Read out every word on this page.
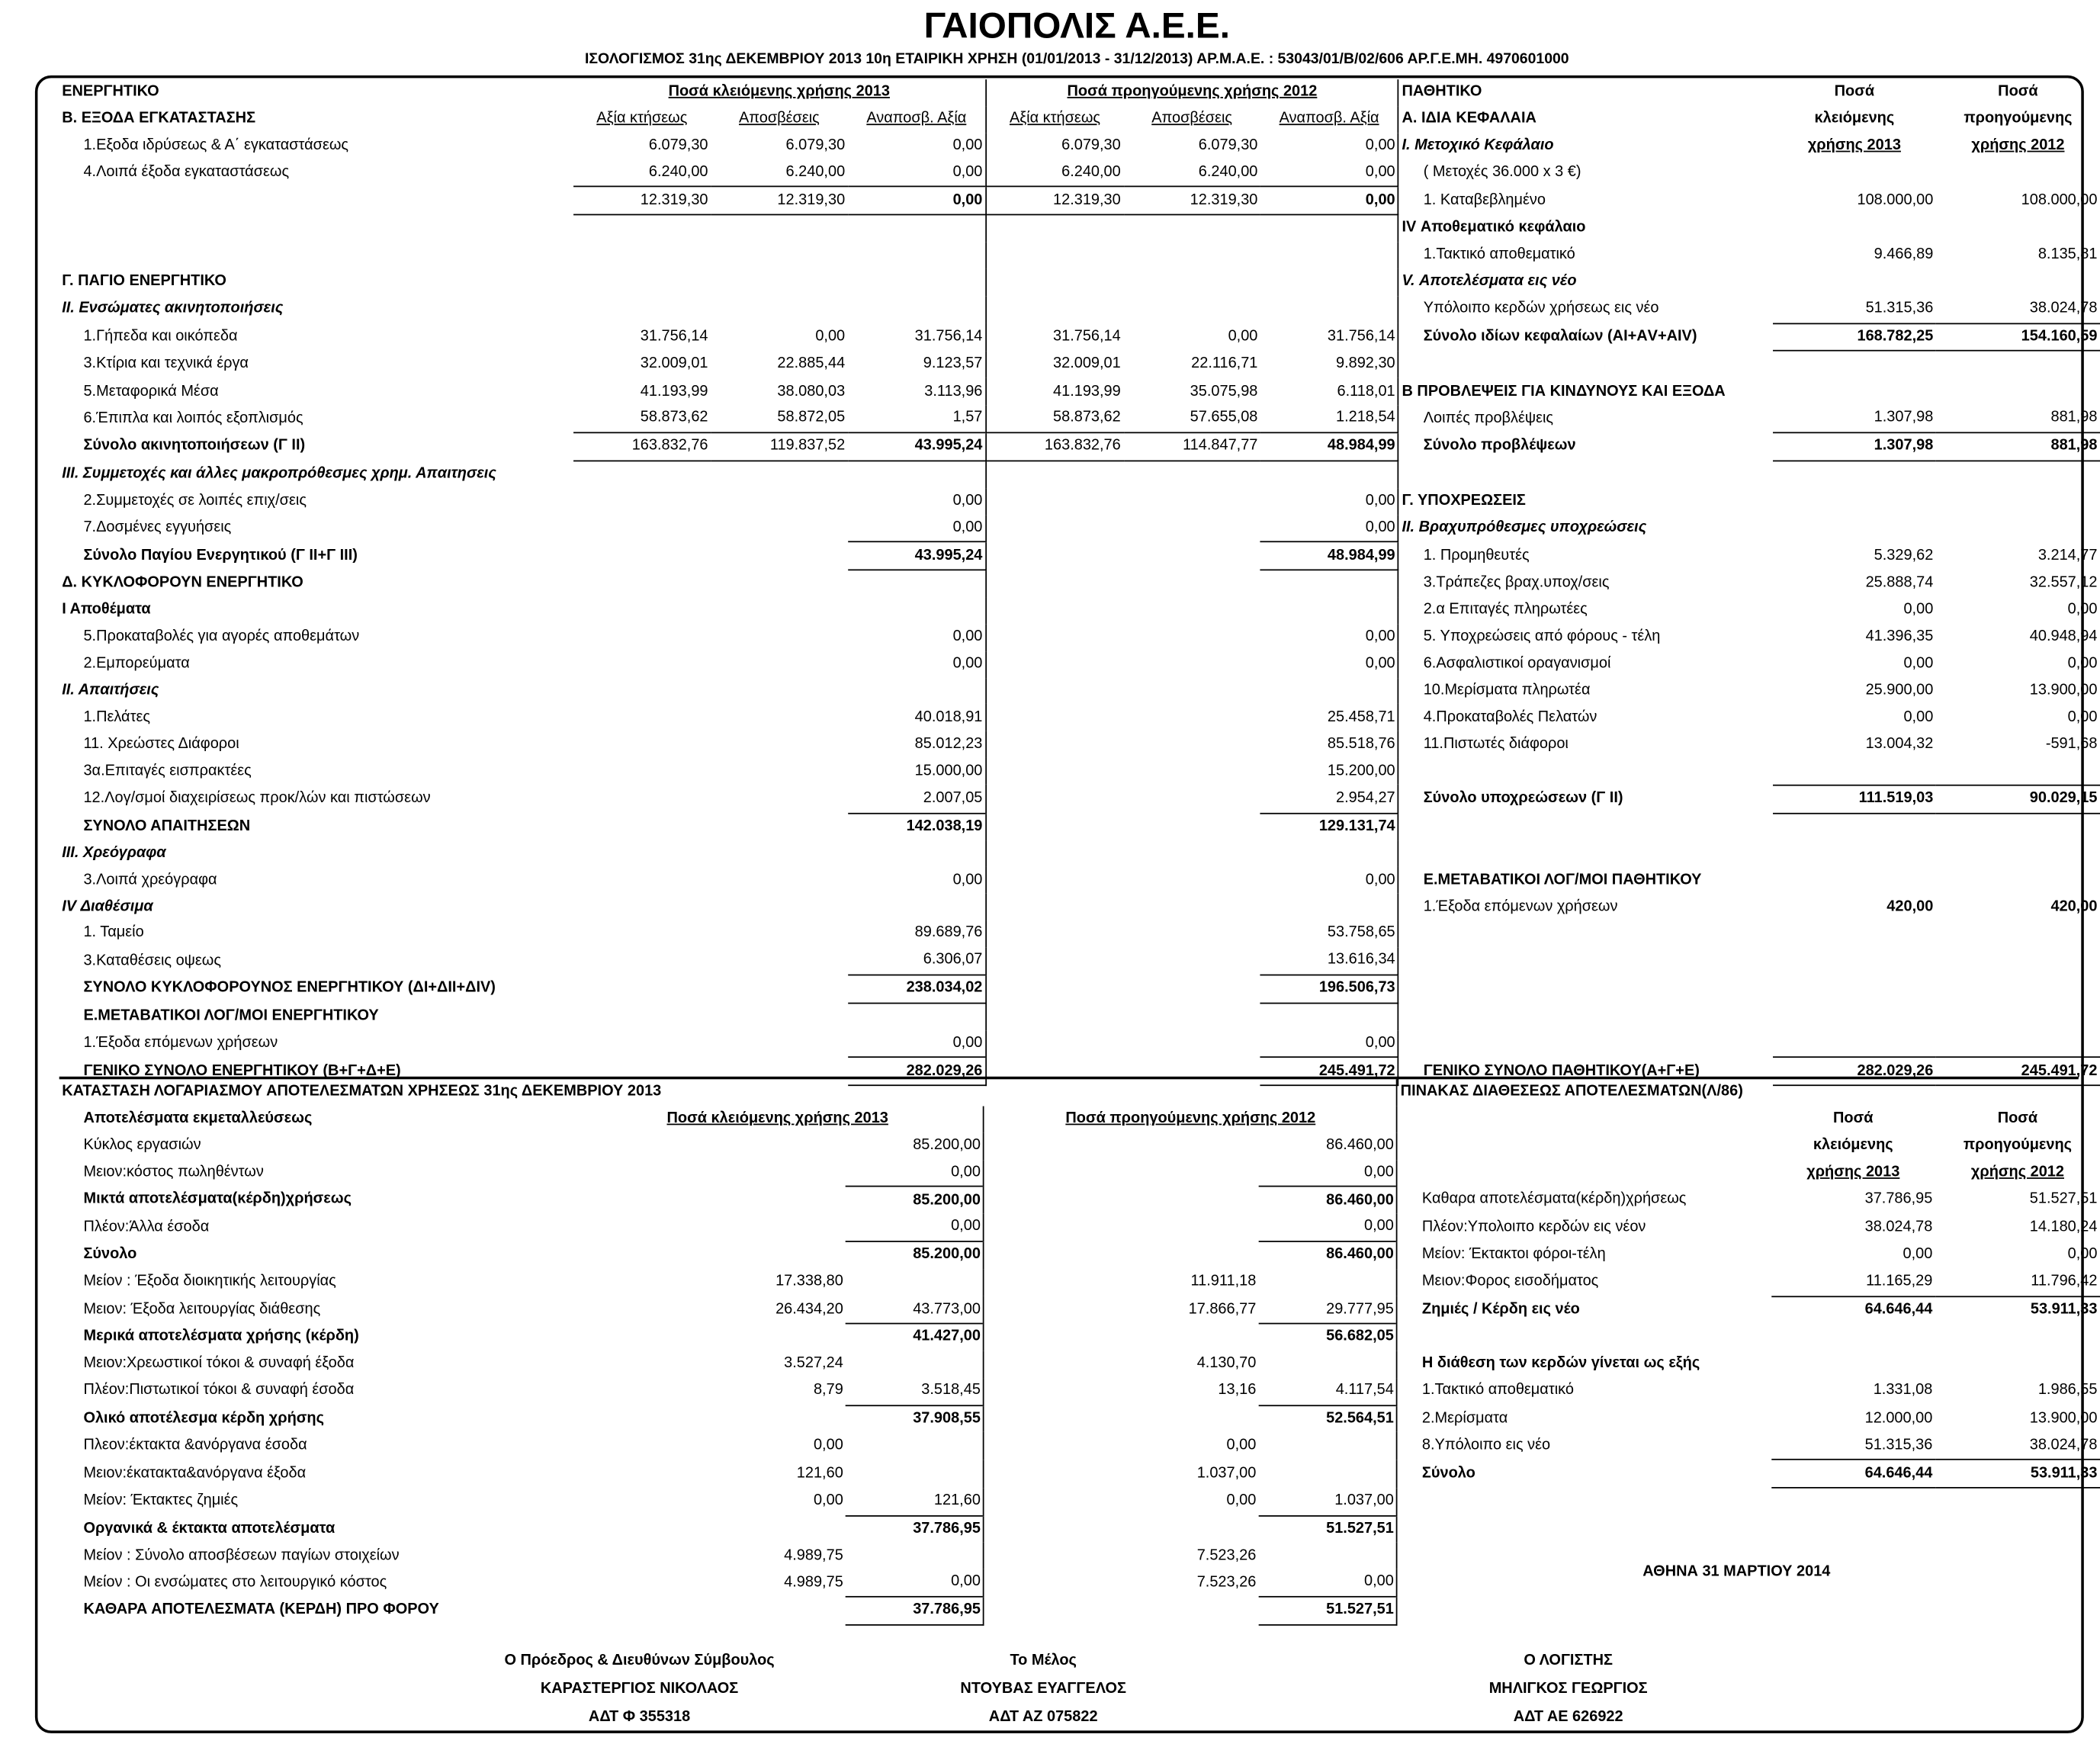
ΓΑΙΟΠΟΛΙΣ Α.Ε.Ε.
ΙΣΟΛΟΓΙΣΜΟΣ 31ης ΔΕΚΕΜΒΡΙΟΥ 2013 10η ΕΤΑΙΡΙΚΗ ΧΡΗΣΗ (01/01/2013 - 31/12/2013) ΑΡ.Μ.Α.Ε. : 53043/01/Β/02/606 ΑΡ.Γ.Ε.ΜΗ. 4970601000
ΕΝΕΡΓΗΤΙΚΟ	Ποσά κλειόμενης χρήσης 2013			Ποσά προηγούμενης χρήσης 2012			ΠΑΘΗΤΙΚΟ	Ποσά	Ποσά
Β. ΕΞΟΔΑ ΕΓΚΑΤΑΣΤΑΣΗΣ	Αξία κτήσεως	Αποσβέσεις	Αναποσβ. Αξία	Αξία κτήσεως	Αποσβέσεις	Αναποσβ. Αξία	Α. ΙΔΙΑ ΚΕΦΑΛΑΙΑ	κλειόμενης	προηγούμενης
1.Εξοδα ιδρύσεως & Α΄ εγκαταστάσεως	6.079,30	6.079,30	0,00	6.079,30	6.079,30	0,00	Ι. Μετοχικό Κεφάλαιο	χρήσης 2013	χρήσης 2012
4.Λοιπά έξοδα εγκαταστάσεως	6.240,00	6.240,00	0,00	6.240,00	6.240,00	0,00	( Μετοχές 36.000 x 3 €)		
	12.319,30	12.319,30	0,00	12.319,30	12.319,30	0,00	1. Καταβεβλημένο	108.000,00	108.000,00
							IV Αποθεματικό κεφάλαιο		
							1.Τακτικό αποθεματικό	9.466,89	8.135,81
Γ. ΠΑΓΙΟ ΕΝΕΡΓΗΤΙΚΟ							V. Αποτελέσματα εις νέο		
ΙΙ. Ενσώματες ακινητοποιήσεις							Υπόλοιπο κερδών χρήσεως εις νέο	51.315,36	38.024,78
1.Γήπεδα και οικόπεδα	31.756,14	0,00	31.756,14	31.756,14	0,00	31.756,14	Σύνολο ιδίων κεφαλαίων (ΑΙ+ΑV+ΑΙV)	168.782,25	154.160,59
3.Κτίρια και τεχνικά έργα	32.009,01	22.885,44	9.123,57	32.009,01	22.116,71	9.892,30			
5.Μεταφορικά Μέσα	41.193,99	38.080,03	3.113,96	41.193,99	35.075,98	6.118,01	Β ΠΡΟΒΛΕΨΕΙΣ ΓΙΑ ΚΙΝΔΥΝΟΥΣ ΚΑΙ ΕΞΟΔΑ		
6.Έπιπλα και λοιπός εξοπλισμός	58.873,62	58.872,05	1,57	58.873,62	57.655,08	1.218,54	Λοιπές προβλέψεις	1.307,98	881,98
Σύνολο ακινητοποιήσεων (Γ ΙΙ)	163.832,76	119.837,52	43.995,24	163.832,76	114.847,77	48.984,99	Σύνολο προβλέψεων	1.307,98	881,98
ΙΙΙ. Συμμετοχές και άλλες μακροπρόθεσμες χρημ. Απαιτησεις									
2.Συμμετοχές σε λοιπές επιχ/σεις			0,00			0,00	Γ. ΥΠΟΧΡΕΩΣΕΙΣ		
7.Δοσμένες εγγυήσεις			0,00			0,00	ΙΙ. Βραχυπρόθεσμες υποχρεώσεις		
Σύνολο Παγίου Ενεργητικού (Γ ΙΙ+Γ ΙΙΙ)			43.995,24			48.984,99	1. Προμηθευτές	5.329,62	3.214,77
Δ. ΚΥΚΛΟΦΟΡΟΥΝ ΕΝΕΡΓΗΤΙΚΟ							3.Τράπεζες βραχ.υποχ/σεις	25.888,74	32.557,12
Ι Αποθέματα							2.α Επιταγές πληρωτέες	0,00	0,00
5.Προκαταβολές για αγορές αποθεμάτων			0,00			0,00	5. Υποχρεώσεις από φόρους - τέλη	41.396,35	40.948,94
2.Εμπορεύματα			0,00			0,00	6.Ασφαλιστικοί οραγανισμοί	0,00	0,00
ΙΙ. Απαιτήσεις							10.Μερίσματα πληρωτέα	25.900,00	13.900,00
1.Πελάτες			40.018,91			25.458,71	4.Προκαταβολές Πελατών	0,00	0,00
11. Χρεώστες Διάφοροι			85.012,23			85.518,76	11.Πιστωτές διάφοροι	13.004,32	-591,68
3α.Επιταγές εισπρακτέες			15.000,00			15.200,00			
12.Λογ/σμοί διαχειρίσεως προκ/λών και πιστώσεων			2.007,05			2.954,27	Σύνολο υποχρεώσεων (Γ ΙΙ)	111.519,03	90.029,15
ΣΥΝΟΛΟ ΑΠΑΙΤΗΣΕΩΝ			142.038,19			129.131,74			
ΙΙΙ. Χρεόγραφα									
3.Λοιπά χρεόγραφα			0,00			0,00	Ε.ΜΕΤΑΒΑΤΙΚΟΙ ΛΟΓ/ΜΟΙ ΠΑΘΗΤΙΚΟΥ		
ΙV Διαθέσιμα							1.Έξοδα επόμενων χρήσεων	420,00	420,00
1. Ταμείο			89.689,76			53.758,65			
3.Καταθέσεις οψεως			6.306,07			13.616,34			
ΣΥΝΟΛΟ ΚΥΚΛΟΦΟΡΟΥΝΟΣ ΕΝΕΡΓΗΤΙΚΟΥ (ΔΙ+ΔΙΙ+ΔΙV)			238.034,02			196.506,73			
Ε.ΜΕΤΑΒΑΤΙΚΟΙ ΛΟΓ/ΜΟΙ ΕΝΕΡΓΗΤΙΚΟΥ									
1.Έξοδα επόμενων χρήσεων			0,00			0,00			
ΓΕΝΙΚΟ ΣΥΝΟΛΟ ΕΝΕΡΓΗΤΙΚΟΥ (Β+Γ+Δ+Ε)			282.029,26			245.491,72	ΓΕΝΙΚΟ ΣΥΝΟΛΟ ΠΑΘΗΤΙΚΟΥ(Α+Γ+Ε)	282.029,26	245.491,72
ΚΑΤΑΣΤΑΣΗ ΛΟΓΑΡΙΑΣΜΟΥ ΑΠΟΤΕΛΕΣΜΑΤΩΝ ΧΡΗΣΕΩΣ 31ης ΔΕΚΕΜΒΡΙΟΥ 2013							ΠΙΝΑΚΑΣ ΔΙΑΘΕΣΕΩΣ ΑΠΟΤΕΛΕΣΜΑΤΩΝ(Λ/86)		
Αποτελέσματα εκμεταλλεύσεως	Ποσά κλειόμενης χρήσης 2013			Ποσά προηγούμενης χρήσης 2012				Ποσά	Ποσά
Κύκλος εργασιών			85.200,00			86.460,00		κλειόμενης	προηγούμενης
Μειον:κόστος πωληθέντων			0,00			0,00		χρήσης 2013	χρήσης 2012
Μικτά αποτελέσματα(κέρδη)χρήσεως			85.200,00			86.460,00	Καθαρα αποτελέσματα(κέρδη)χρήσεως	37.786,95	51.527,51
Πλέον:Άλλα έσοδα			0,00			0,00	Πλέον:Υπολοιπο κερδών εις νέον	38.024,78	14.180,24
Σύνολο			85.200,00			86.460,00	Μείον: Έκτακτοι φόροι-τέλη	0,00	0,00
Μείον : Έξοδα διοικητικής λειτουργίας		17.338,80			11.911,18		Μειον:Φορος εισοδήματος	11.165,29	11.796,42
Μειον: Έξοδα λειτουργίας διάθεσης		26.434,20	43.773,00		17.866,77	29.777,95	Ζημιές / Κέρδη εις νέο	64.646,44	53.911,33
Μερικά αποτελέσματα χρήσης (κέρδη)			41.427,00			56.682,05			
Μειον:Χρεωστικοί τόκοι & συναφή έξοδα		3.527,24			4.130,70		Η διάθεση των κερδών γίνεται ως εξής		
Πλέον:Πιστωτικοί τόκοι & συναφή έσοδα		8,79	3.518,45		13,16	4.117,54	1.Τακτικό αποθεματικό	1.331,08	1.986,55
Ολικό αποτέλεσμα κέρδη χρήσης			37.908,55			52.564,51	2.Μερίσματα	12.000,00	13.900,00
Πλεον:έκτακτα &ανόργανα έσοδα		0,00			0,00		8.Υπόλοιπο εις νέο	51.315,36	38.024,78
Μειον:έκατακτα&ανόργανα έξοδα		121,60			1.037,00		Σύνολο	64.646,44	53.911,33
Μείον: Έκτακτες ζημιές		0,00	121,60		0,00	1.037,00			
Οργανικά & έκτακτα αποτελέσματα			37.786,95			51.527,51			
Μείον : Σύνολο αποσβέσεων παγίων στοιχείων		4.989,75			7.523,26				
Μείον : Οι ενσώματες στο λειτουργικό κόστος		4.989,75	0,00		7.523,26	0,00			
ΚΑΘΑΡΑ ΑΠΟΤΕΛΕΣΜΑΤΑ (ΚΕΡΔΗ) ΠΡΟ ΦΟΡΟΥ			37.786,95			51.527,51			
ΑΘΗΝΑ 31 ΜΑΡΤΙΟΥ 2014
Ο Πρόεδρος & Διευθύνων Σύμβουλος
ΚΑΡΑΣΤΕΡΓΙΟΣ ΝΙΚΟΛΑΟΣ
ΑΔΤ Φ 355318
Το Μέλος
ΝΤΟΥΒΑΣ ΕΥΑΓΓΕΛΟΣ
ΑΔΤ ΑΖ 075822
Ο ΛΟΓΙΣΤΗΣ
ΜΗΛΙΓΚΟΣ ΓΕΩΡΓΙΟΣ
ΑΔΤ ΑΕ 626922
